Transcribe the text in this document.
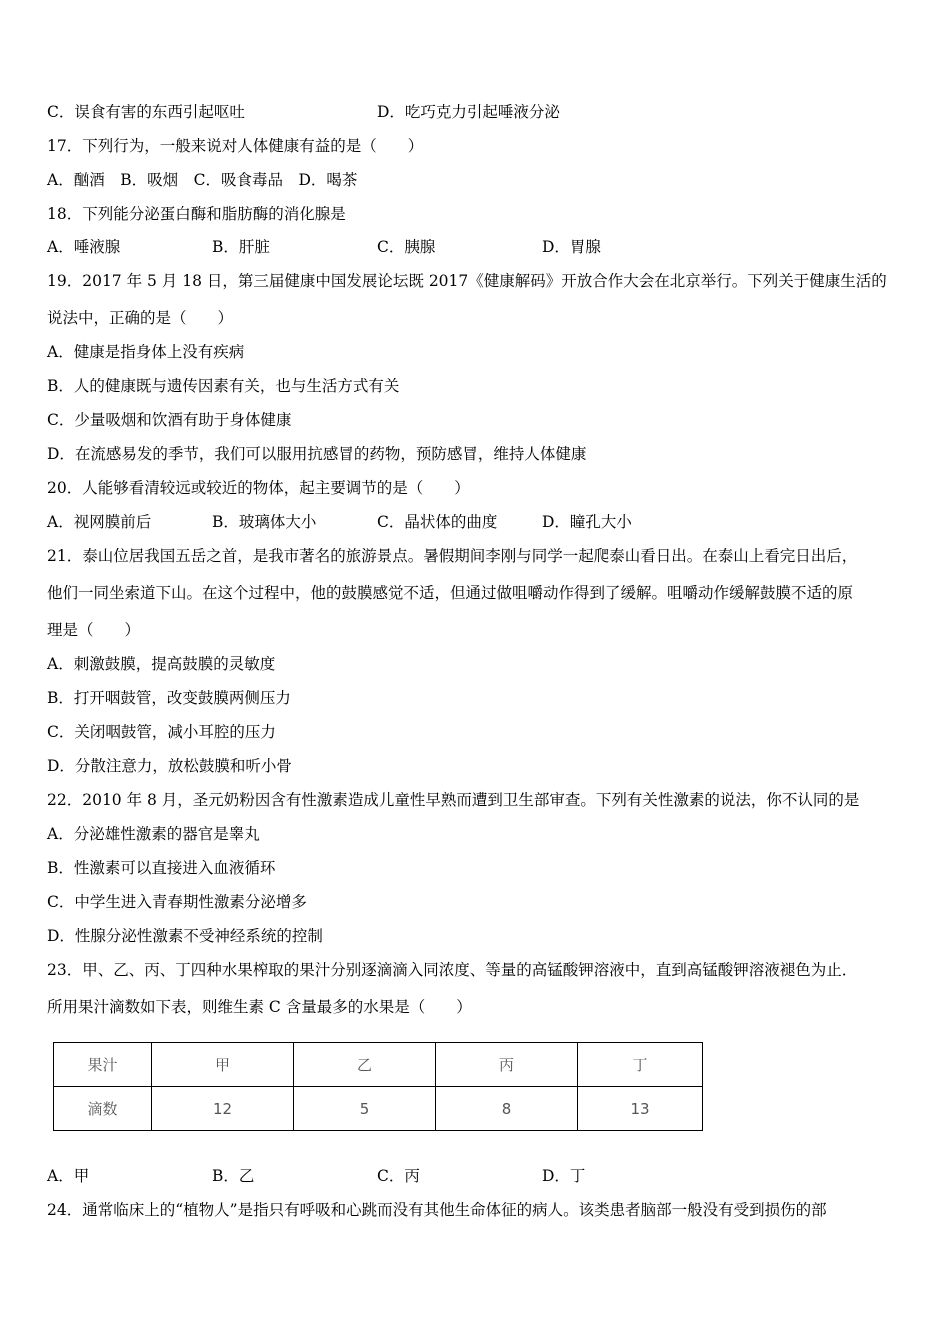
C．误食有害的东西引起呕吐	D．吃巧克力引起唾液分泌
17．下列行为，一般来说对人体健康有益的是（　　）
A．酗酒　B．吸烟　C．吸食毒品　D．喝茶
18．下列能分泌蛋白酶和脂肪酶的消化腺是
A．唾液腺	B．肝脏	C．胰腺	D．胃腺
19．2017 年 5 月 18 日，第三届健康中国发展论坛既 2017《健康解码》开放合作大会在北京举行。下列关于健康生活的
说法中，正确的是（　　）
A．健康是指身体上没有疾病
B．人的健康既与遗传因素有关，也与生活方式有关
C．少量吸烟和饮酒有助于身体健康
D．在流感易发的季节，我们可以服用抗感冒的药物，预防感冒，维持人体健康
20．人能够看清较远或较近的物体，起主要调节的是（　　）
A．视网膜前后	B．玻璃体大小	C．晶状体的曲度	D．瞳孔大小
21．泰山位居我国五岳之首，是我市著名的旅游景点。暑假期间李刚与同学一起爬泰山看日出。在泰山上看完日出后，
他们一同坐索道下山。在这个过程中，他的鼓膜感觉不适，但通过做咀嚼动作得到了缓解。咀嚼动作缓解鼓膜不适的原
理是（　　）
A．刺激鼓膜，提高鼓膜的灵敏度
B．打开咽鼓管，改变鼓膜两侧压力
C．关闭咽鼓管，减小耳腔的压力
D．分散注意力，放松鼓膜和听小骨
22．2010 年 8 月，圣元奶粉因含有性激素造成儿童性早熟而遭到卫生部审查。下列有关性激素的说法，你不认同的是
A．分泌雄性激素的器官是睾丸
B．性激素可以直接进入血液循环
C．中学生进入青春期性激素分泌增多
D．性腺分泌性激素不受神经系统的控制
23．甲、乙、丙、丁四种水果榨取的果汁分别逐滴滴入同浓度、等量的高锰酸钾溶液中，直到高锰酸钾溶液褪色为止．
所用果汁滴数如下表，则维生素 C 含量最多的水果是（　　）
果汁	甲	乙	丙	丁
滴数	12	5	8	13
A．甲	B．乙	C．丙	D．丁
24．通常临床上的“植物人”是指只有呼吸和心跳而没有其他生命体征的病人。该类患者脑部一般没有受到损伤的部
